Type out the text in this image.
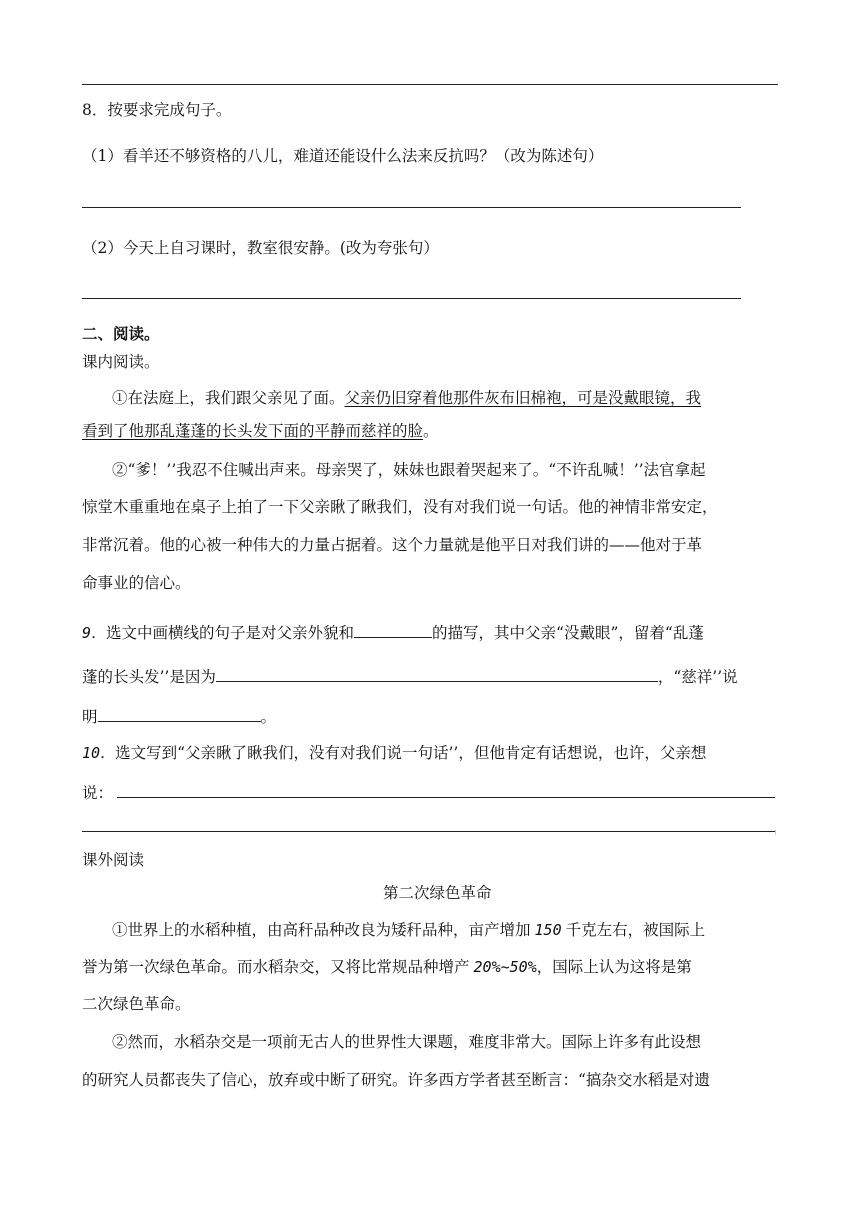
8．按要求完成句子。
（1）看羊还不够资格的八儿，难道还能设什么法来反抗吗？（改为陈述句）
（2）今天上自习课时，教室很安静。(改为夸张句）
二、阅读。
课内阅读。
①在法庭上，我们跟父亲见了面。父亲仍旧穿着他那件灰布旧棉袍，可是没戴眼镜，我
看到了他那乱蓬蓬的长头发下面的平静而慈祥的脸。
②“爹！’’我忍不住喊出声来。母亲哭了，妹妹也跟着哭起来了。“不许乱喊！’’法官拿起
惊堂木重重地在桌子上拍了一下父亲瞅了瞅我们，没有对我们说一句话。他的神情非常安定，
非常沉着。他的心被一种伟大的力量占据着。这个力量就是他平日对我们讲的——他对于革
命事业的信心。
9．选文中画横线的句子是对父亲外貌和	的描写，其中父亲“没戴眼”，留着“乱蓬
蓬的长头发’’是因为	，“慈祥’’说
明	。
10．选文写到“父亲瞅了瞅我们，没有对我们说一句话’’，但他肯定有话想说，也许，父亲想
说：
。
课外阅读
第二次绿色革命
①世界上的水稻种植，由高秆品种改良为矮秆品种，亩产增加 150 千克左右，被国际上
誉为第一次绿色革命。而水稻杂交，又将比常规品种增产 20%~50%，国际上认为这将是第
二次绿色革命。
②然而，水稻杂交是一项前无古人的世界性大课题，难度非常大。国际上许多有此设想
的研究人员都丧失了信心，放弃或中断了研究。许多西方学者甚至断言：“搞杂交水稻是对遗
